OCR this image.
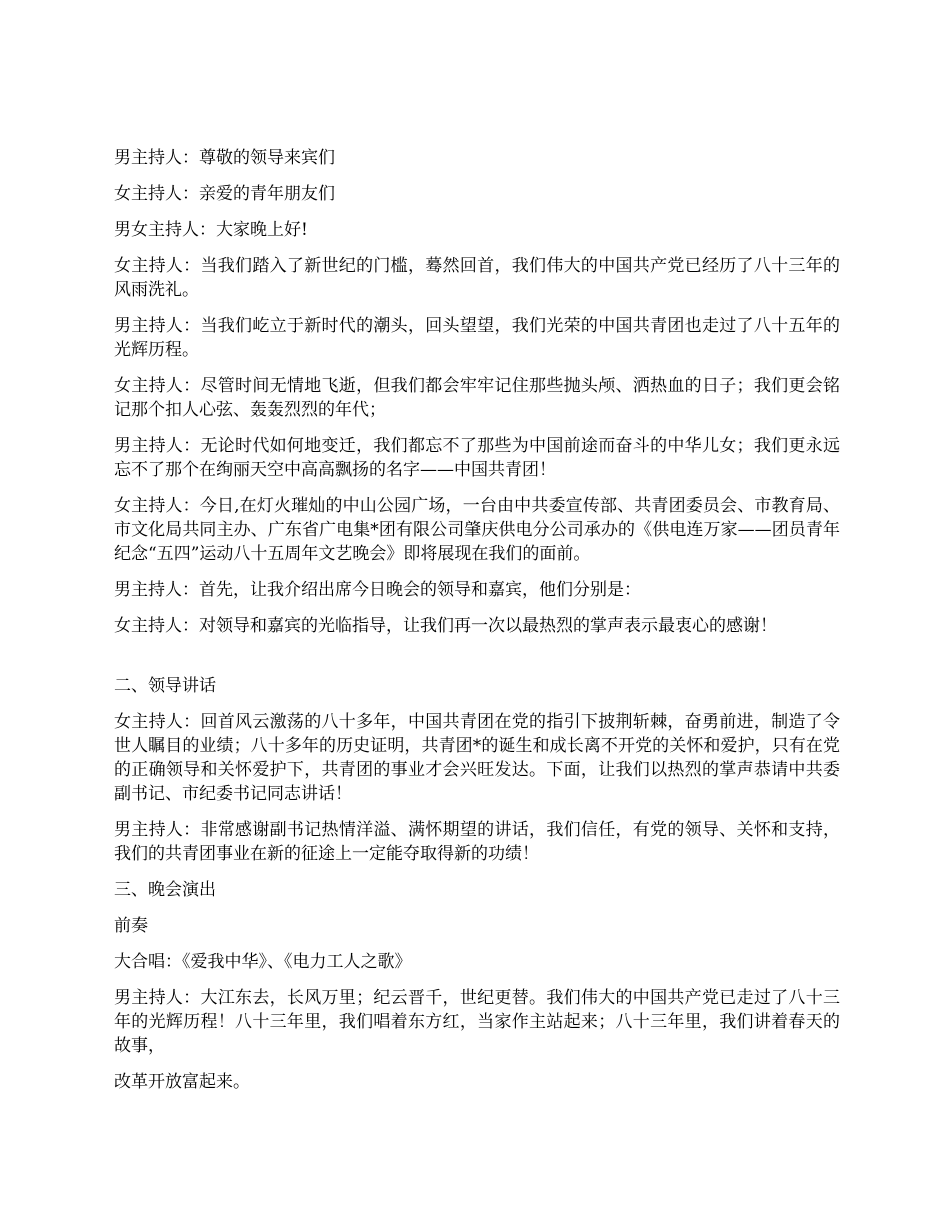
男主持人：尊敬的领导来宾们

女主持人：亲爱的青年朋友们

男女主持人：大家晚上好!

女主持人：当我们踏入了新世纪的门槛，蓦然回首，我们伟大的中国共产党已经历了八十三年的风雨洗礼。

男主持人：当我们屹立于新时代的潮头，回头望望，我们光荣的中国共青团也走过了八十五年的光辉历程。

女主持人：尽管时间无情地飞逝，但我们都会牢牢记住那些抛头颅、洒热血的日子；我们更会铭记那个扣人心弦、轰轰烈烈的年代；

男主持人：无论时代如何地变迁，我们都忘不了那些为中国前途而奋斗的中华儿女；我们更永远忘不了那个在绚丽天空中高高飘扬的名字——中国共青团！

女主持人：今日,在灯火璀灿的中山公园广场，一台由中共委宣传部、共青团委员会、市教育局、市文化局共同主办、广东省广电集*团有限公司肇庆供电分公司承办的《供电连万家——团员青年纪念“五四”运动八十五周年文艺晚会》即将展现在我们的面前。

男主持人：首先，让我介绍出席今日晚会的领导和嘉宾，他们分别是：

女主持人：对领导和嘉宾的光临指导，让我们再一次以最热烈的掌声表示最衷心的感谢！

二、领导讲话

女主持人：回首风云激荡的八十多年，中国共青团在党的指引下披荆斩棘，奋勇前进，制造了令世人瞩目的业绩；八十多年的历史证明，共青团*的诞生和成长离不开党的关怀和爱护，只有在党的正确领导和关怀爱护下，共青团的事业才会兴旺发达。下面，让我们以热烈的掌声恭请中共委副书记、市纪委书记同志讲话！

男主持人：非常感谢副书记热情洋溢、满怀期望的讲话，我们信任，有党的领导、关怀和支持，我们的共青团事业在新的征途上一定能夺取得新的功绩！

三、晚会演出

前奏

大合唱：《爱我中华》、《电力工人之歌》

男主持人：大江东去，长风万里；纪云晋千，世纪更替。我们伟大的中国共产党已走过了八十三年的光辉历程！八十三年里，我们唱着东方红，当家作主站起来；八十三年里，我们讲着春天的故事，

改革开放富起来。
